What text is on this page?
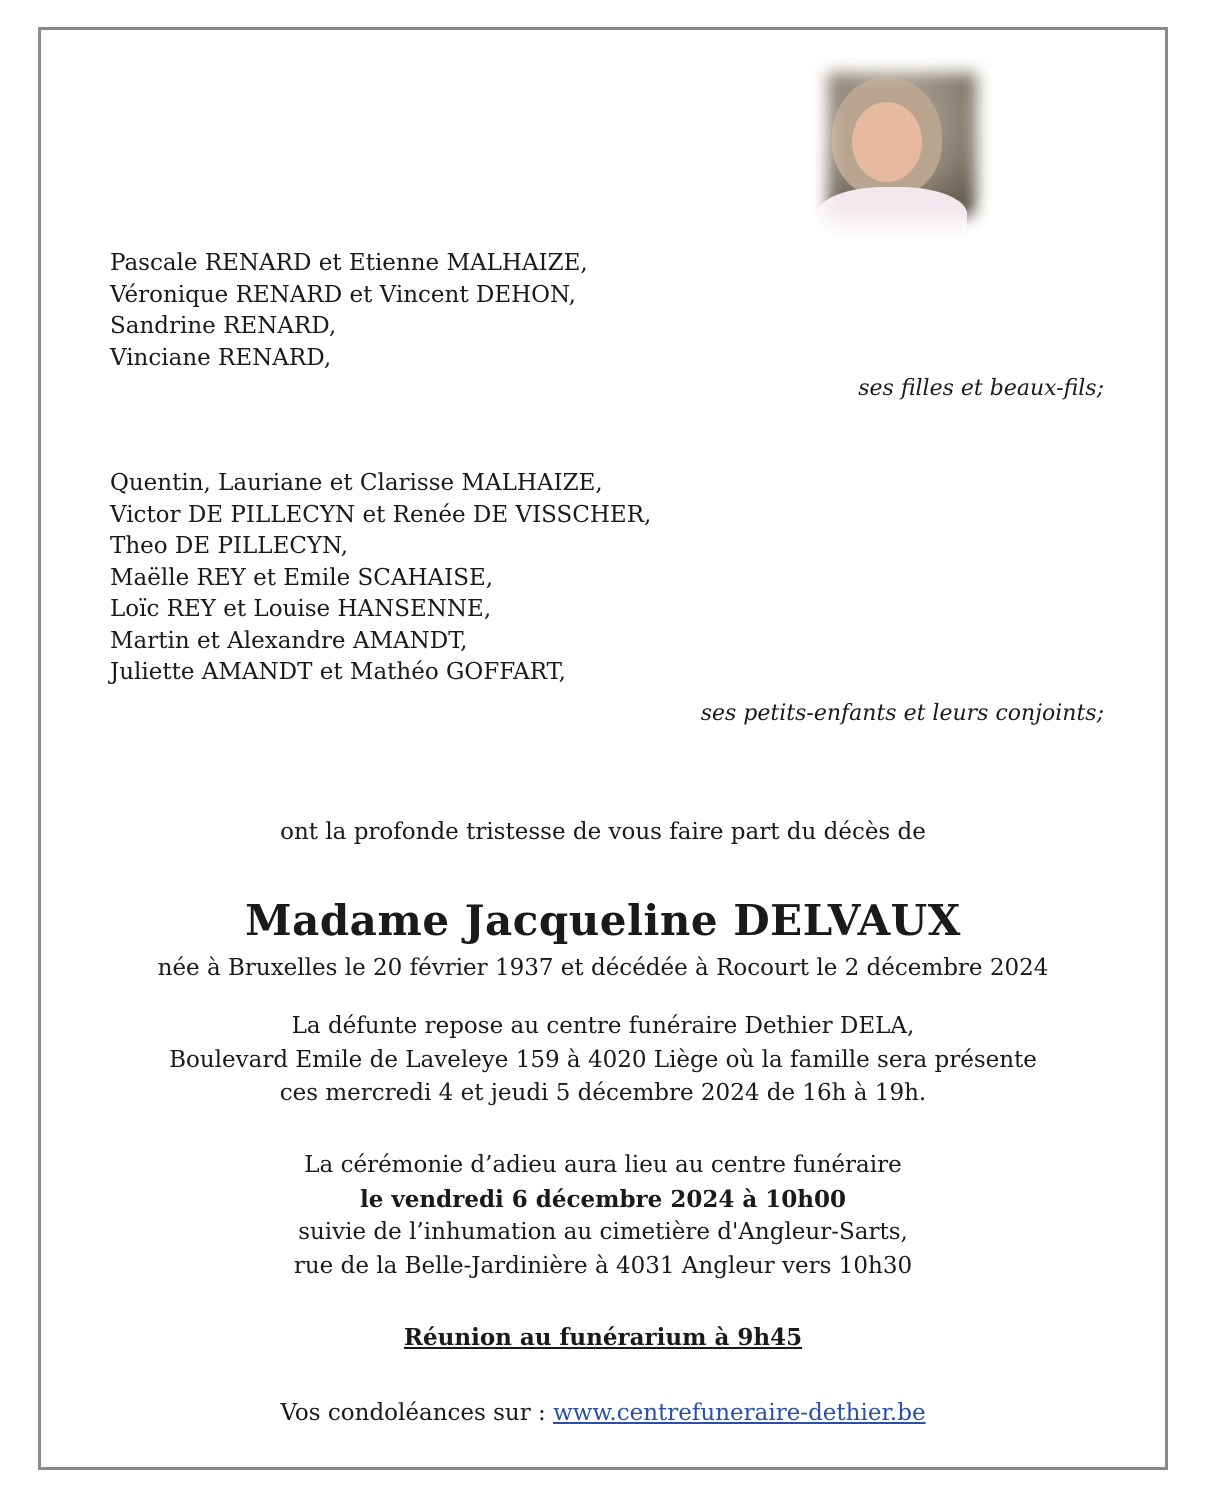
Pascale RENARD et Etienne MALHAIZE,
Véronique RENARD et Vincent DEHON,
Sandrine RENARD,
Vinciane RENARD,
ses filles et beaux-fils;
Quentin, Lauriane et Clarisse MALHAIZE,
Victor DE PILLECYN et Renée DE VISSCHER,
Theo DE PILLECYN,
Maëlle REY et Emile SCAHAISE,
Loïc REY et Louise HANSENNE,
Martin et Alexandre AMANDT,
Juliette AMANDT et Mathéo GOFFART,
ses petits-enfants et leurs conjoints;
ont la profonde tristesse de vous faire part du décès de
Madame Jacqueline DELVAUX
née à Bruxelles le 20 février 1937 et décédée à Rocourt le 2 décembre 2024
La défunte repose au centre funéraire Dethier DELA,
Boulevard Emile de Laveleye 159 à 4020 Liège où la famille sera présente
ces mercredi 4 et jeudi 5 décembre 2024 de 16h à 19h.
La cérémonie d’adieu aura lieu au centre funéraire
le vendredi 6 décembre 2024 à 10h00
suivie de l’inhumation au cimetière d'Angleur-Sarts,
rue de la Belle-Jardinière à 4031 Angleur vers 10h30
Réunion au funérarium à 9h45
Vos condoléances sur : www.centrefuneraire-dethier.be
